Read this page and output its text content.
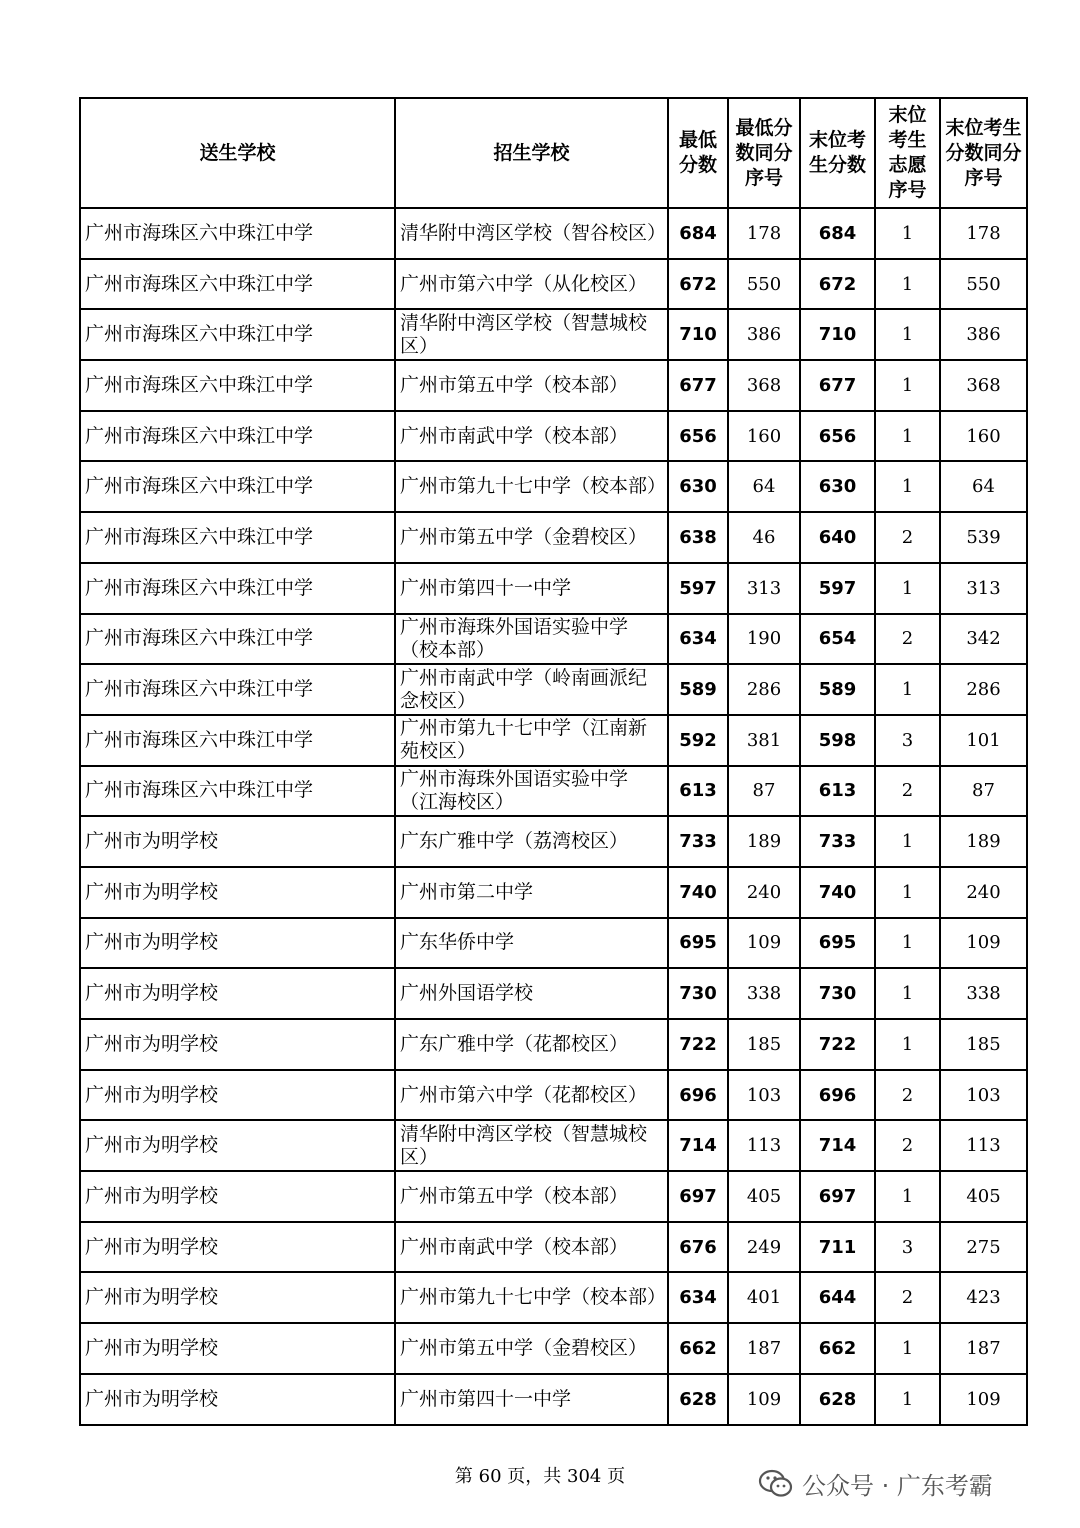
送生学校	招生学校	最低分数	最低分数同分序号	末位考生分数	末位考生志愿序号	末位考生分数同分序号

广州市海珠区六中珠江中学	清华附中湾区学校（智谷校区）	684	178	684	1	178
广州市海珠区六中珠江中学	广州市第六中学（从化校区）	672	550	672	1	550
广州市海珠区六中珠江中学	清华附中湾区学校（智慧城校区）	710	386	710	1	386
广州市海珠区六中珠江中学	广州市第五中学（校本部）	677	368	677	1	368
广州市海珠区六中珠江中学	广州市南武中学（校本部）	656	160	656	1	160
广州市海珠区六中珠江中学	广州市第九十七中学（校本部）	630	64	630	1	64
广州市海珠区六中珠江中学	广州市第五中学（金碧校区）	638	46	640	2	539
广州市海珠区六中珠江中学	广州市第四十一中学	597	313	597	1	313
广州市海珠区六中珠江中学	广州市海珠外国语实验中学（校本部）	634	190	654	2	342
广州市海珠区六中珠江中学	广州市南武中学（岭南画派纪念校区）	589	286	589	1	286
广州市海珠区六中珠江中学	广州市第九十七中学（江南新苑校区）	592	381	598	3	101
广州市海珠区六中珠江中学	广州市海珠外国语实验中学（江海校区）	613	87	613	2	87
广州市为明学校	广东广雅中学（荔湾校区）	733	189	733	1	189
广州市为明学校	广州市第二中学	740	240	740	1	240
广州市为明学校	广东华侨中学	695	109	695	1	109
广州市为明学校	广州外国语学校	730	338	730	1	338
广州市为明学校	广东广雅中学（花都校区）	722	185	722	1	185
广州市为明学校	广州市第六中学（花都校区）	696	103	696	2	103
广州市为明学校	清华附中湾区学校（智慧城校区）	714	113	714	2	113
广州市为明学校	广州市第五中学（校本部）	697	405	697	1	405
广州市为明学校	广州市南武中学（校本部）	676	249	711	3	275
广州市为明学校	广州市第九十七中学（校本部）	634	401	644	2	423
广州市为明学校	广州市第五中学（金碧校区）	662	187	662	1	187
广州市为明学校	广州市第四十一中学	628	109	628	1	109
第 60 页，共 304 页	公众号 · 广东考霸
